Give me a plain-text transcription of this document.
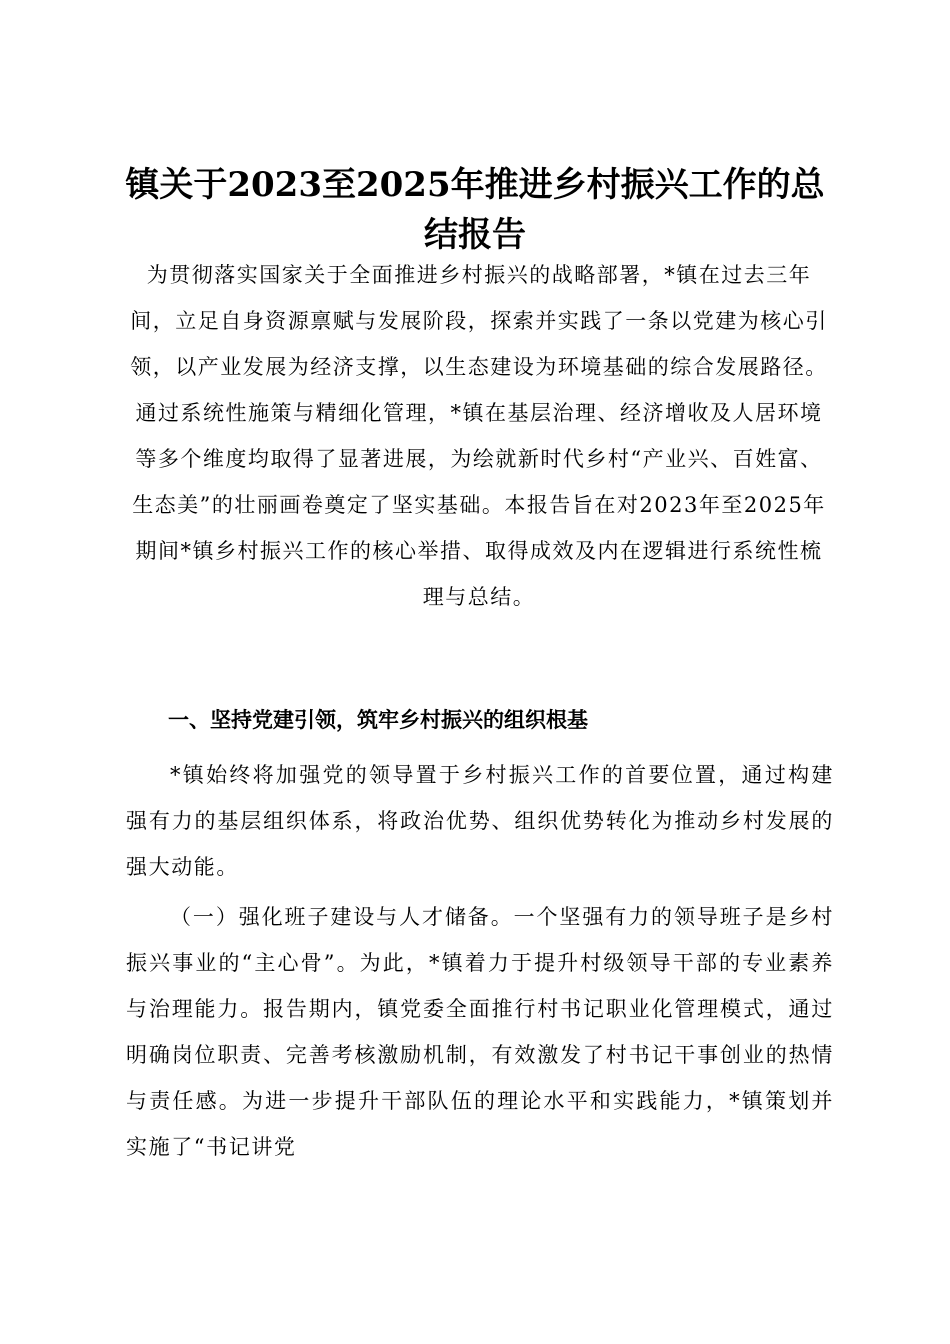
镇关于2023至2025年推进乡村振兴工作的总结报告

为贯彻落实国家关于全面推进乡村振兴的战略部署，*镇在过去三年间，立足自身资源禀赋与发展阶段，探索并实践了一条以党建为核心引领，以产业发展为经济支撑，以生态建设为环境基础的综合发展路径。通过系统性施策与精细化管理，*镇在基层治理、经济增收及人居环境等多个维度均取得了显著进展，为绘就新时代乡村“产业兴、百姓富、生态美”的壮丽画卷奠定了坚实基础。本报告旨在对2023年至2025年期间*镇乡村振兴工作的核心举措、取得成效及内在逻辑进行系统性梳理与总结。

一、坚持党建引领，筑牢乡村振兴的组织根基

*镇始终将加强党的领导置于乡村振兴工作的首要位置，通过构建强有力的基层组织体系，将政治优势、组织优势转化为推动乡村发展的强大动能。

（一）强化班子建设与人才储备。一个坚强有力的领导班子是乡村振兴事业的“主心骨”。为此，*镇着力于提升村级领导干部的专业素养与治理能力。报告期内，镇党委全面推行村书记职业化管理模式，通过明确岗位职责、完善考核激励机制，有效激发了村书记干事创业的热情与责任感。为进一步提升干部队伍的理论水平和实践能力，*镇策划并实施了“书记讲党
